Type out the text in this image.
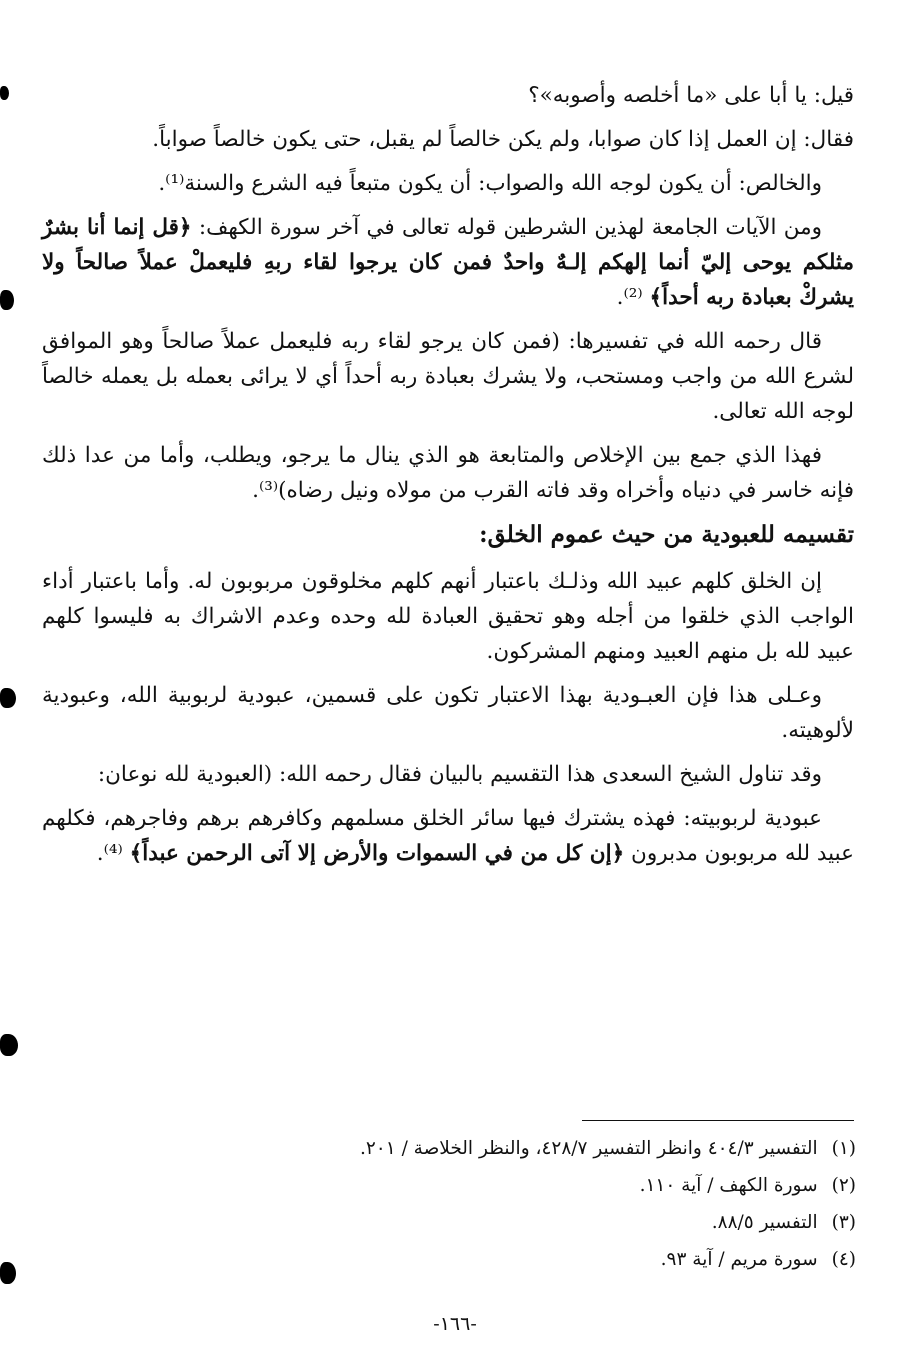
قيل: يا أبا على «ما أخلصه وأصوبه»؟

فقال: إن العمل إذا كان صوابا، ولم يكن خالصاً لم يقبل، حتى يكون خالصاً صواباً.

والخالص: أن يكون لوجه الله والصواب: أن يكون متبعاً فيه الشرع والسنة⁽¹⁾.

ومن الآيات الجامعة لهذين الشرطين قوله تعالى في آخر سورة الكهف: ﴿قل إنما أنا بشرٌ مثلكم يوحى إليّ أنما إلهكم إلـهٌ واحدٌ فمن كان يرجوا لقاء ربهِ فليعملْ عملاً صالحاً ولا يشركْ بعبادة ربه أحداً﴾ ⁽²⁾.

قال رحمه الله في تفسيرها: (فمن كان يرجو لقاء ربه فليعمل عملاً صالحاً وهو الموافق لشرع الله من واجب ومستحب، ولا يشرك بعبادة ربه أحداً أي لا يرائى بعمله بل يعمله خالصاً لوجه الله تعالى.

فهذا الذي جمع بين الإخلاص والمتابعة هو الذي ينال ما يرجو، ويطلب، وأما من عدا ذلك فإنه خاسر في دنياه وأخراه وقد فاته القرب من مولاه ونيل رضاه)⁽³⁾.

تقسيمه للعبودية من حيث عموم الخلق:

إن الخلق كلهم عبيد الله وذلـك باعتبار أنهم كلهم مخلوقون مربوبون له. وأما باعتبار أداء الواجب الذي خلقوا من أجله وهو تحقيق العبادة لله وحده وعدم الاشراك به فليسوا كلهم عبيد لله بل منهم العبيد ومنهم المشركون.

وعـلى هذا فإن العبـودية بهذا الاعتبار تكون على قسمين، عبودية لربوبية الله، وعبودية لألوهيته.

وقد تناول الشيخ السعدى هذا التقسيم بالبيان فقال رحمه الله: (العبودية لله نوعان:

عبودية لربوبيته: فهذه يشترك فيها سائر الخلق مسلمهم وكافرهم برهم وفاجرهم، فكلهم عبيد لله مربوبون مدبرون ﴿إن كل من في السموات والأرض إلا آتى الرحمن عبداً﴾ ⁽⁴⁾.

(١)التفسير ٤٠٤/٣ وانظر التفسير ٤٢٨/٧، والنظر الخلاصة / ٢٠١.
(٢)سورة الكهف / آية ١١٠.
(٣)التفسير ٨٨/٥.
(٤)سورة مريم / آية ٩٣.
-١٦٦-
